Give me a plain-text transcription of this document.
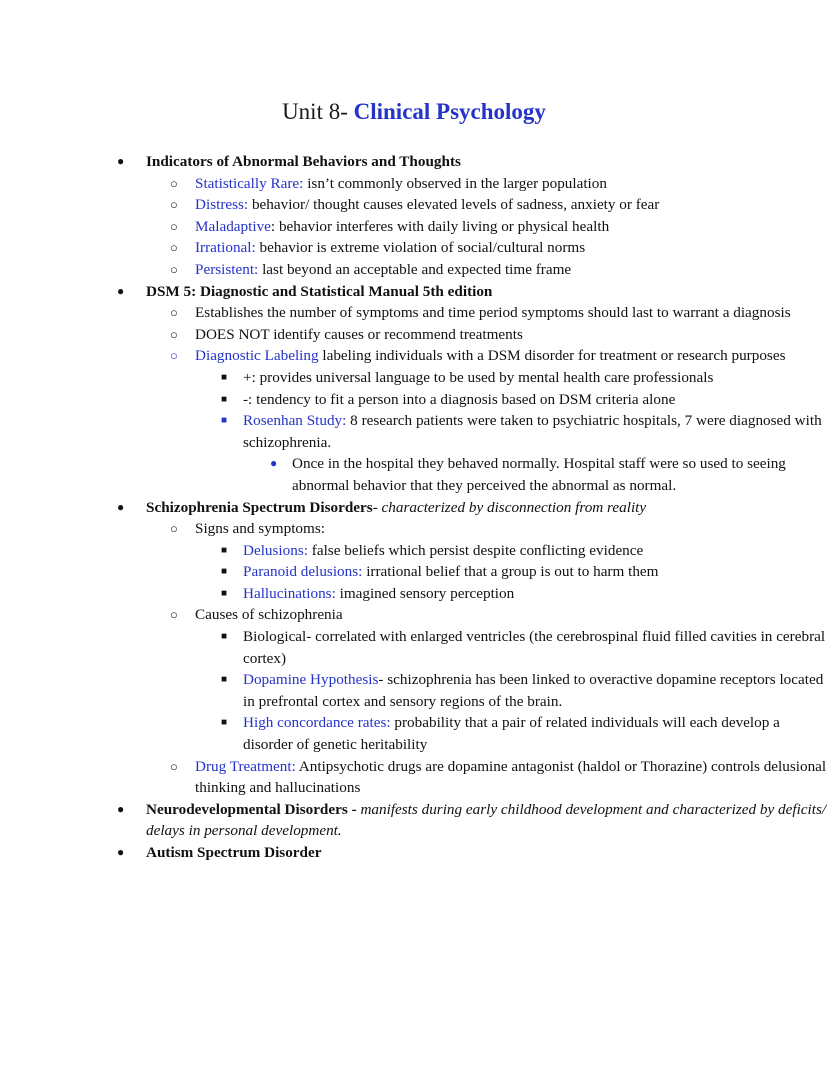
Unit 8- Clinical Psychology
● Indicators of Abnormal Behaviors and Thoughts
○ Statistically Rare: isn’t commonly observed in the larger population
○ Distress: behavior/ thought causes elevated levels of sadness, anxiety or fear
○ Maladaptive: behavior interferes with daily living or physical health
○ Irrational: behavior is extreme violation of social/cultural norms
○ Persistent: last beyond an acceptable and expected time frame
● DSM 5: Diagnostic and Statistical Manual 5th edition
○ Establishes the number of symptoms and time period symptoms should last to warrant a diagnosis
○ DOES NOT identify causes or recommend treatments
○ Diagnostic Labeling labeling individuals with a DSM disorder for treatment or research purposes
■ +: provides universal language to be used by mental health care professionals
■ -: tendency to fit a person into a diagnosis based on DSM criteria alone
■ Rosenhan Study: 8 research patients were taken to psychiatric hospitals, 7 were diagnosed with schizophrenia.
● Once in the hospital they behaved normally. Hospital staff were so used to seeing abnormal behavior that they perceived the abnormal as normal.
● Schizophrenia Spectrum Disorders- characterized by disconnection from reality
○ Signs and symptoms:
■ Delusions: false beliefs which persist despite conflicting evidence
■ Paranoid delusions: irrational belief that a group is out to harm them
■ Hallucinations: imagined sensory perception
○ Causes of schizophrenia
■ Biological- correlated with enlarged ventricles (the cerebrospinal fluid filled cavities in cerebral cortex)
■ Dopamine Hypothesis- schizophrenia has been linked to overactive dopamine receptors located in prefrontal cortex and sensory regions of the brain.
■ High concordance rates: probability that a pair of related individuals will each develop a disorder of genetic heritability
○ Drug Treatment: Antipsychotic drugs are dopamine antagonist (haldol or Thorazine) controls delusional thinking and hallucinations
● Neurodevelopmental Disorders - manifests during early childhood development and characterized by deficits/ delays in personal development.
● Autism Spectrum Disorder
